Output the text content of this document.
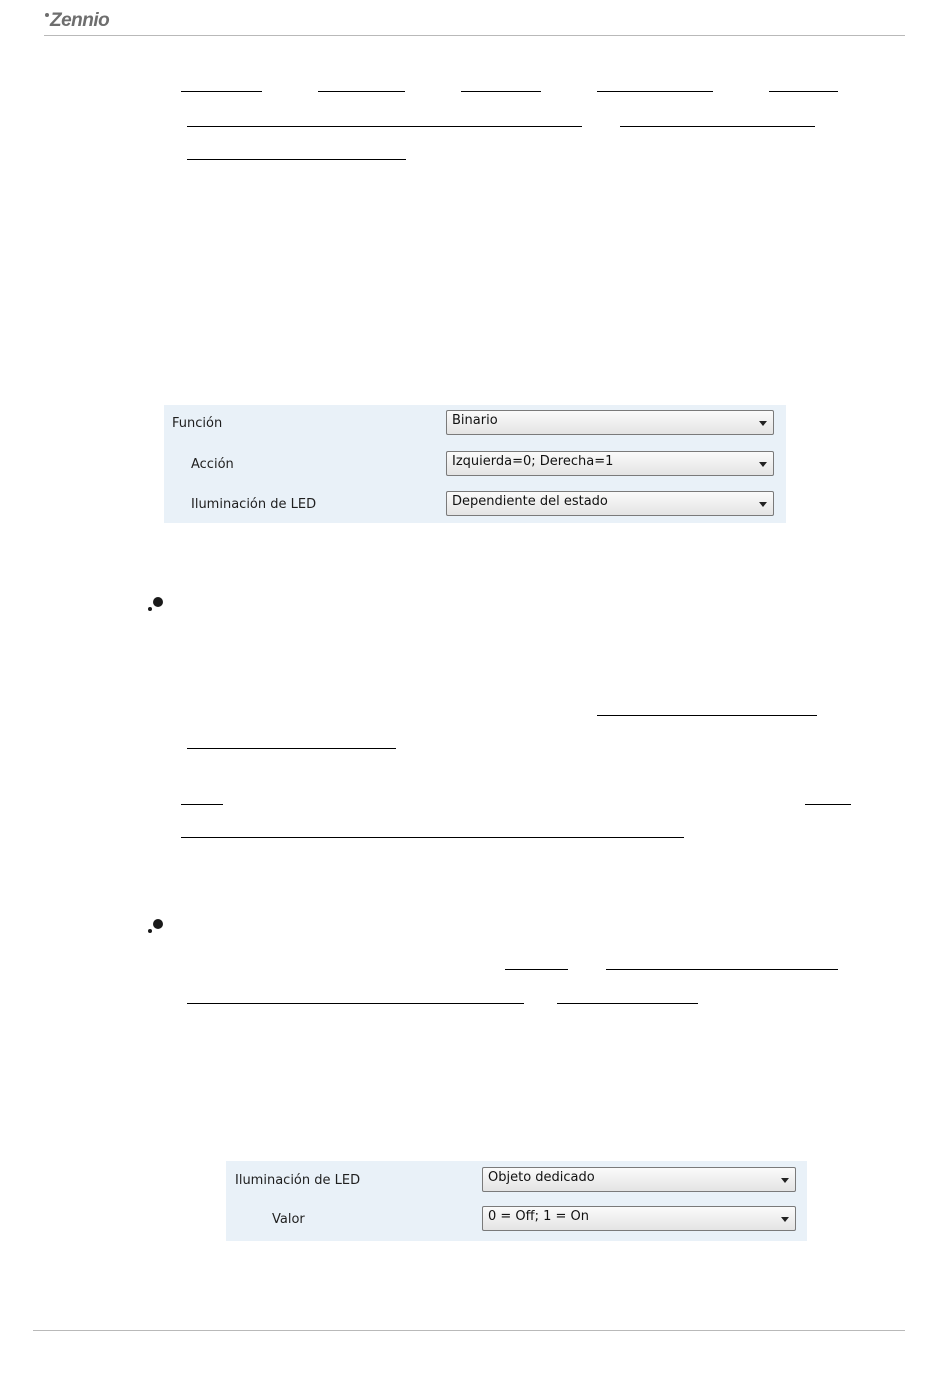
Zennio
Función	Binario
Acción	Izquierda=0; Derecha=1
Iluminación de LED	Dependiente del estado
Iluminación de LED	Objeto dedicado
Valor	0 = Off; 1 = On
